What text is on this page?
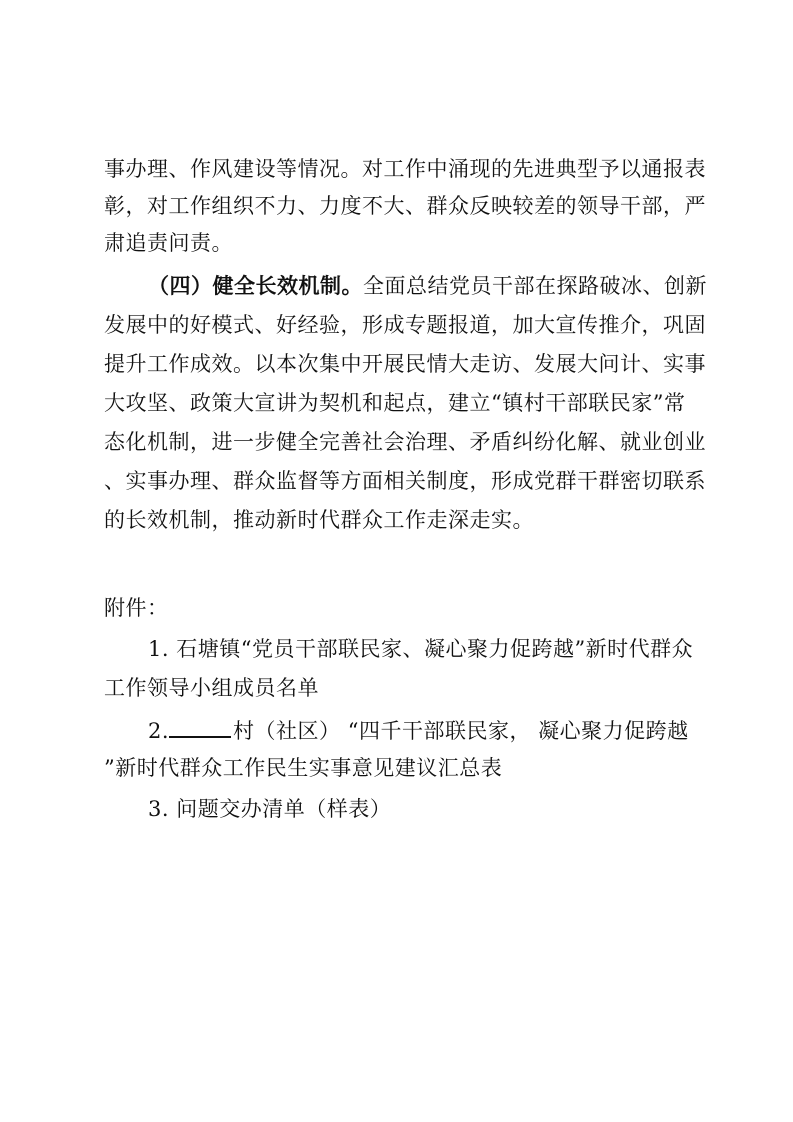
事办理、作风建设等情况。对工作中涌现的先进典型予以通报表
彰，对工作组织不力、力度不大、群众反映较差的领导干部，严
肃追责问责。
（四）健全长效机制。全面总结党员干部在探路破冰、创新
发展中的好模式、好经验，形成专题报道，加大宣传推介，巩固
提升工作成效。以本次集中开展民情大走访、发展大问计、实事
大攻坚、政策大宣讲为契机和起点，建立“镇村干部联民家”常
态化机制，进一步健全完善社会治理、矛盾纠纷化解、就业创业
、实事办理、群众监督等方面相关制度，形成党群干群密切联系
的长效机制，推动新时代群众工作走深走实。
附件：
1. 石塘镇“党员干部联民家、凝心聚力促跨越”新时代群众
工作领导小组成员名单
2.	村（社区） “四千干部联民家， 凝心聚力促跨越
”新时代群众工作民生实事意见建议汇总表
3. 问题交办清单（样表）
